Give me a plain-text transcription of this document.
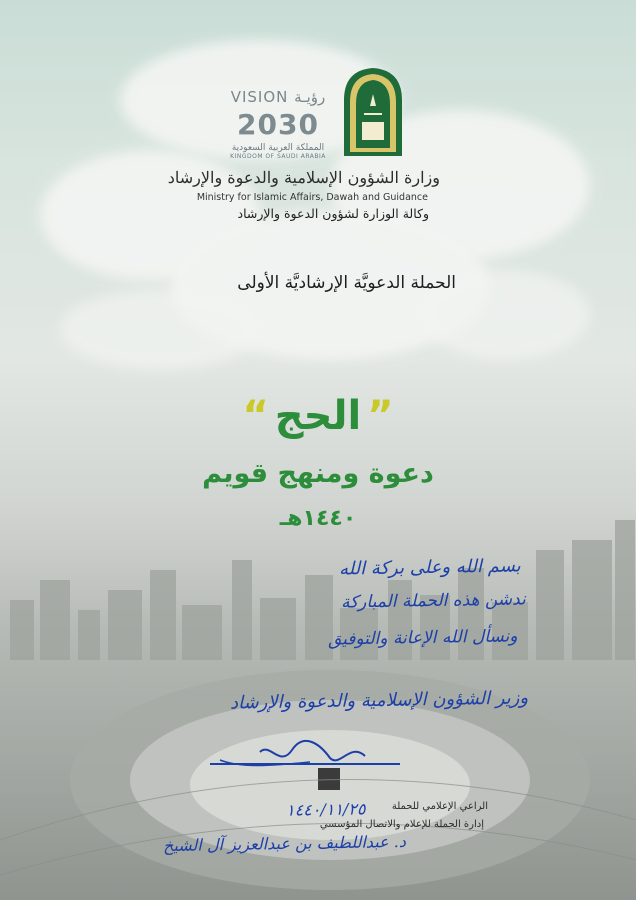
VISION رؤيـة
2030
المملكة العربية السعودية
KINGDOM OF SAUDI ARABIA
وزارة الشؤون الإسلامية والدعوة والإرشاد
Ministry for Islamic Affairs, Dawah and Guidance
وكالة الوزارة لشؤون الدعوة والإرشاد
الحملة الدعويَّة الإرشاديَّة الأولى
”الحج“
دعوة ومنهج قويم
١٤٤٠هـ
بسم الله وعلى بركة الله
ندشن هذه الحملة المباركة
ونسأل الله الإعانة والتوفيق
وزير الشؤون الإسلامية والدعوة والإرشاد
١٤٤٠/١١/٢٥	الراعي الإعلامي للحملة
إدارة الحملة للإعلام والاتصال المؤسسي
د. عبداللطيف بن عبدالعزيز آل الشيخ
